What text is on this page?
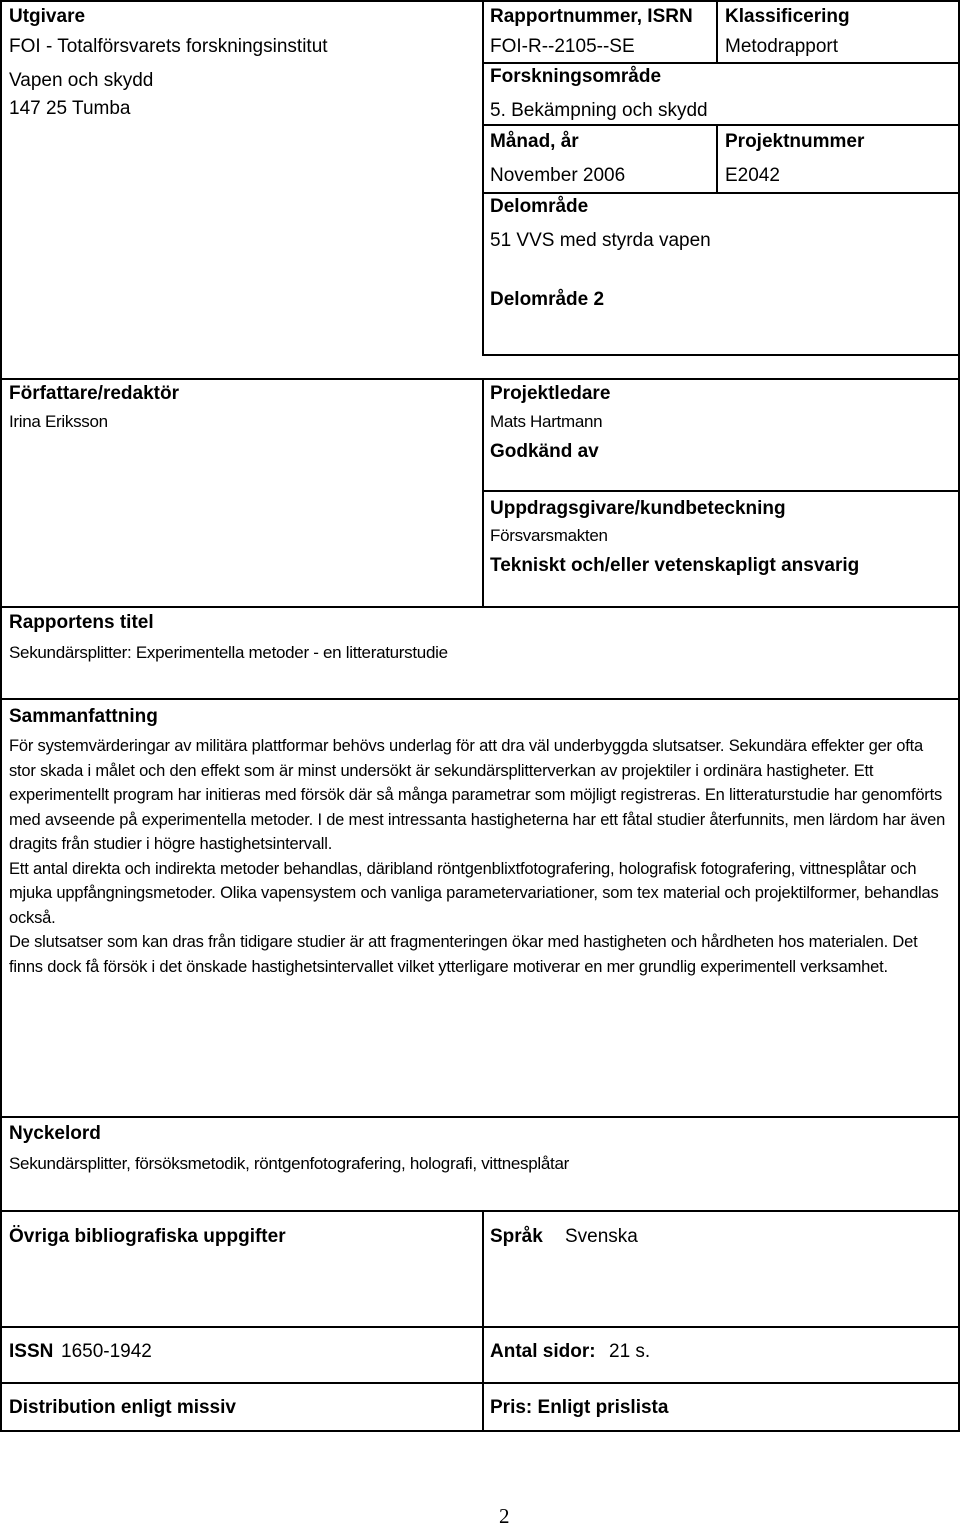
Utgivare
FOI - Totalförsvarets forskningsinstitut
Vapen och skydd
147 25 Tumba
Rapportnummer, ISRN
FOI-R--2105--SE
Klassificering
Metodrapport
Forskningsområde
5. Bekämpning och skydd
Månad, år
November 2006
Projektnummer
E2042
Delområde
51 VVS med styrda vapen
Delområde 2
Författare/redaktör
Irina Eriksson
Projektledare
Mats Hartmann
Godkänd av
Uppdragsgivare/kundbeteckning
Försvarsmakten
Tekniskt och/eller vetenskapligt ansvarig
Rapportens titel
Sekundärsplitter: Experimentella metoder - en litteraturstudie
Sammanfattning

För systemvärderingar av militära plattformar behövs underlag för att dra väl underbyggda slutsatser. Sekundära effekter ger ofta stor skada i målet och den effekt som är minst undersökt är sekundärsplitterverkan av projektiler i ordinära hastigheter. Ett experimentellt program har initieras med försök där så många parametrar som möjligt registreras. En litteraturstudie har genomförts med avseende på experimentella metoder. I de mest intressanta hastigheterna har ett fåtal studier återfunnits, men lärdom har även dragits från studier i högre hastighetsintervall.

Ett antal direkta och indirekta metoder behandlas, däribland röntgenblixtfotografering, holografisk fotografering, vittnesplåtar och mjuka uppfångningsmetoder. Olika vapensystem och vanliga parametervariationer, som tex material och projektilformer, behandlas också.

De slutsatser som kan dras från tidigare studier är att fragmenteringen ökar med hastigheten och hårdheten hos materialen. Det finns dock få försök i det önskade hastighetsintervallet vilket ytterligare motiverar en mer grundlig experimentell verksamhet.

Nyckelord
Sekundärsplitter, försöksmetodik, röntgenfotografering, holografi, vittnesplåtar
Övriga bibliografiska uppgifter	Språk Svenska
ISSN 1650-1942	Antal sidor: 21 s.
Distribution enligt missiv	Pris: Enligt prislista
2
